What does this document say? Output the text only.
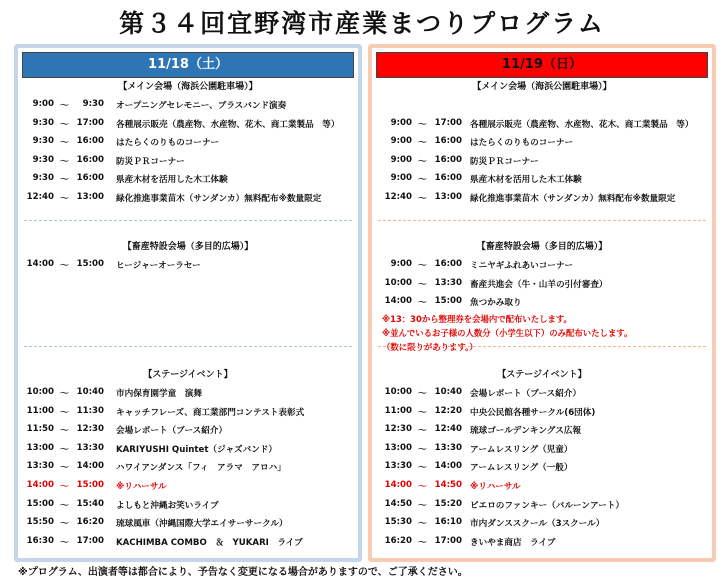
第３４回宜野湾市産業まつりプログラム
11/18（土）
【メイン会場（海浜公園駐車場）】
9:00 ～	9:30 オープニングセレモニー、ブラスバンド演奏
9:30 ～ 17:00 各種展示販売（農産物、水産物、花木、商工業製品　等）
9:30 ～ 16:00 はたらくのりものコーナー
9:30 ～ 16:00 防災ＰＲコーナー
9:30 ～ 16:00 県産木材を活用した木工体験
12:40 ～ 13:00 緑化推進事業苗木（サンダンカ）無料配布※数量限定
【畜産特設会場（多目的広場）】
14:00 ～ 15:00 ヒージャーオーラセー
【ステージイベント】
10:00 ～ 10:40 市内保育園学童　演舞
11:00 ～ 11:30 キャッチフレーズ、商工業部門コンテスト表彰式
11:50 ～ 12:30 会場レポート（ブース紹介）
13:00 ～ 13:30 KARIYUSHI Quintet（ジャズバンド）
13:30 ～ 14:00 ハワイアンダンス「フィ　アラマ　アロハ」
14:00 ～ 15:00 ※リハーサル
15:00 ～ 15:40 よしもと沖縄お笑いライブ
15:50 ～ 16:20 琉球風車（沖縄国際大学エイサーサークル）
16:30 ～ 17:00 KACHIMBA COMBO　＆　YUKARI　ライブ
11/19（日）
【メイン会場（海浜公園駐車場）】
9:00 ～ 17:00 各種展示販売（農産物、水産物、花木、商工業製品　等）
9:00 ～ 16:00 はたらくのりものコーナー
9:00 ～ 16:00 防災ＰＲコーナー
9:00 ～ 16:00 県産木材を活用した木工体験
12:40 ～ 13:00 緑化推進事業苗木（サンダンカ）無料配布※数量限定
【畜産特設会場（多目的広場）】
9:00 ～ 16:00 ミニヤギふれあいコーナー
10:00 ～ 13:30 畜産共進会（牛・山羊の引付審査）
14:00 ～ 15:00 魚つかみ取り
※13：30から整理券を会場内で配布いたします。
※並んでいるお子様の人数分（小学生以下）のみ配布いたします。
（数に限りがあります。）
【ステージイベント】
10:00 ～ 10:40 会場レポート（ブース紹介）
11:00 ～ 12:20 中央公民館各種サークル(6団体)
12:30 ～ 12:40 琉球ゴールデンキングス広報
13:00 ～ 13:30 アームレスリング（児童）
13:30 ～ 14:00 アームレスリング（一般）
14:00 ～ 14:50 ※リハーサル
14:50 ～ 15:20 ピエロのファンキー（バルーンアート）
15:30 ～ 16:10 市内ダンススクール（3スクール）
16:20 ～ 17:00 きいやま商店　ライブ
※プログラム、出演者等は都合により、予告なく変更になる場合がありますので、ご了承ください。
